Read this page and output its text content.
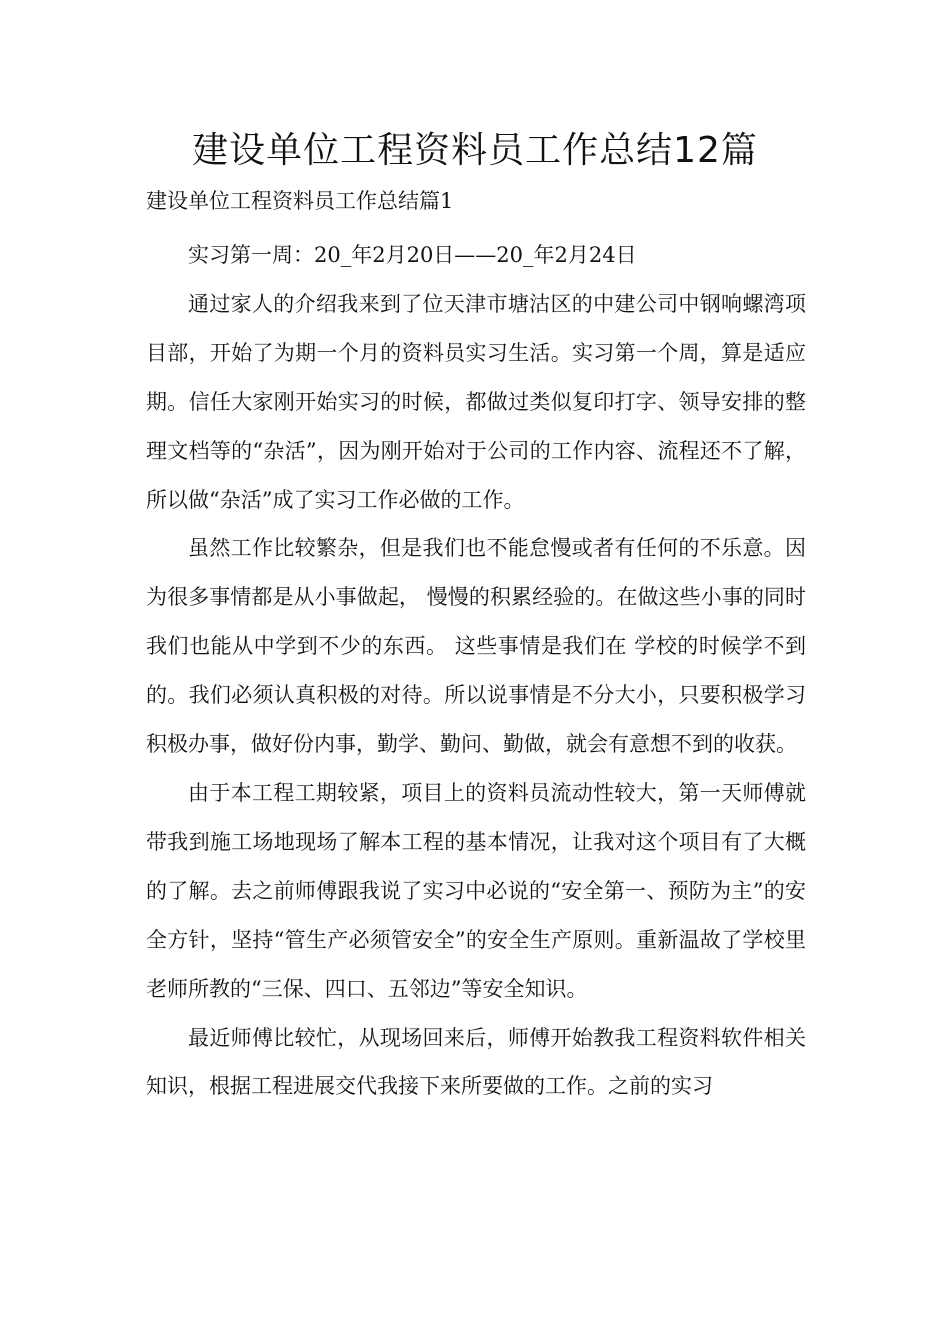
建设单位工程资料员工作总结12篇

建设单位工程资料员工作总结篇1

实习第一周：20_年2月20日——20_年2月24日

通过家人的介绍我来到了位天津市塘沽区的中建公司中钢响螺湾项目部，开始了为期一个月的资料员实习生活。实习第一个周，算是适应期。信任大家刚开始实习的时候，都做过类似复印打字、领导安排的整理文档等的“杂活”，因为刚开始对于公司的工作内容、流程还不了解，所以做“杂活”成了实习工作必做的工作。

虽然工作比较繁杂，但是我们也不能怠慢或者有任何的不乐意。因为很多事情都是从小事做起， 慢慢的积累经验的。在做这些小事的同时我们也能从中学到不少的东西。 这些事情是我们在 学校的时候学不到的。我们必须认真积极的对待。所以说事情是不分大小，只要积极学习积极办事，做好份内事，勤学、勤问、勤做，就会有意想不到的收获。

由于本工程工期较紧，项目上的资料员流动性较大，第一天师傅就带我到施工场地现场了解本工程的基本情况，让我对这个项目有了大概的了解。去之前师傅跟我说了实习中必说的“安全第一、预防为主”的安全方针，坚持“管生产必须管安全”的安全生产原则。重新温故了学校里老师所教的“三保、四口、五邻边”等安全知识。

最近师傅比较忙，从现场回来后，师傅开始教我工程资料软件相关知识，根据工程进展交代我接下来所要做的工作。之前的实习
